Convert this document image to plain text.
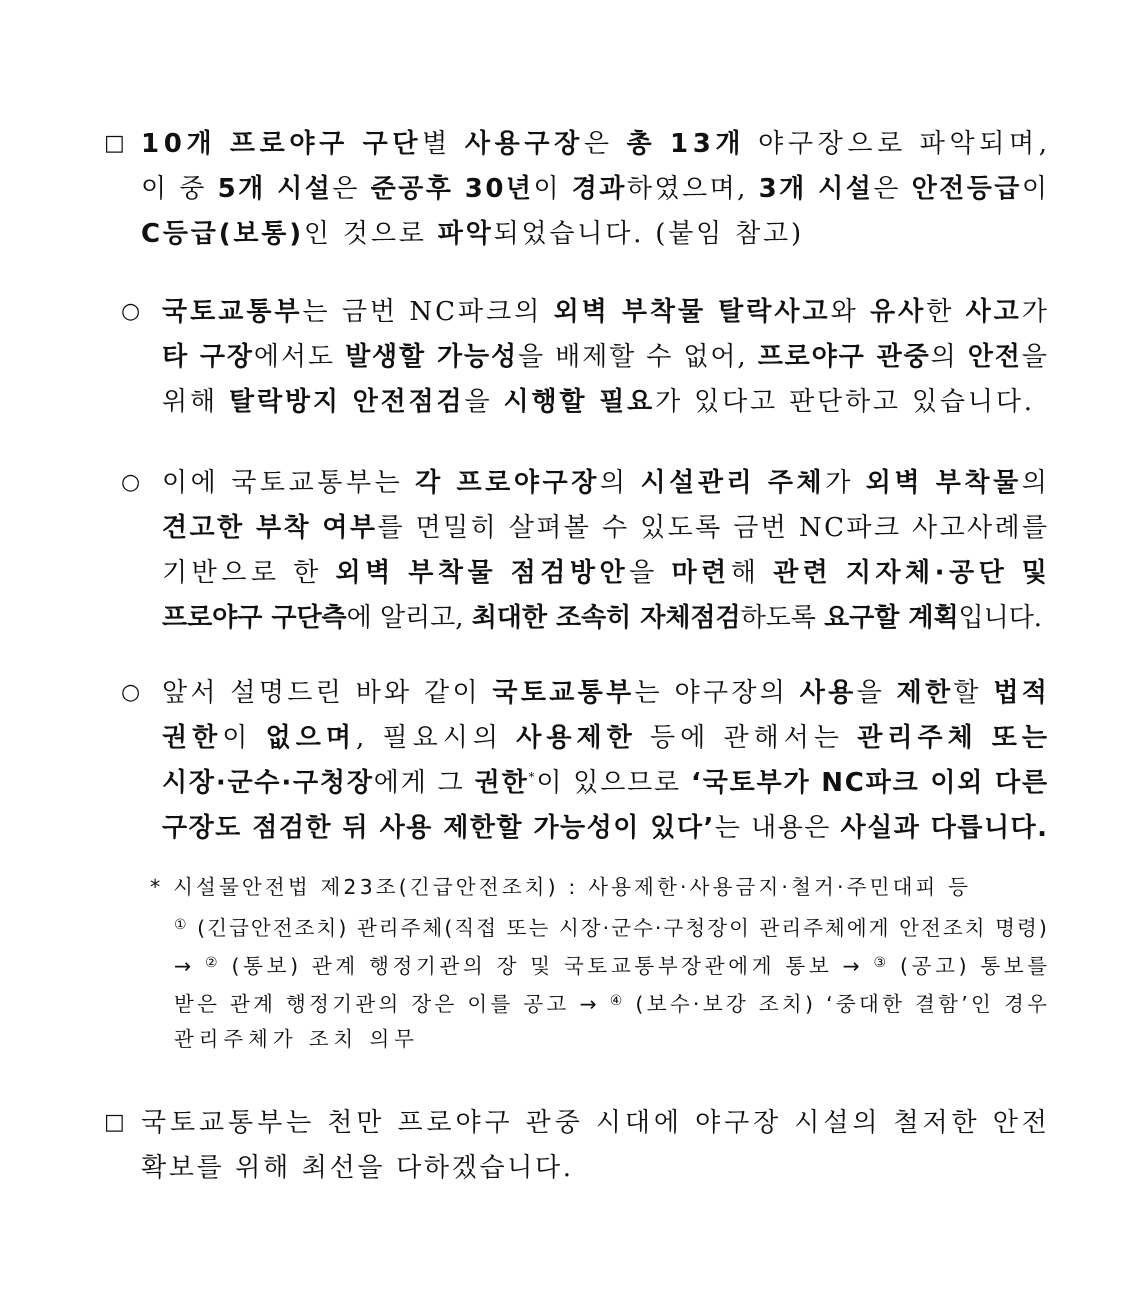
□ 10개 프로야구 구단별 사용구장은 총 13개 야구장으로 파악되며,
이 중 5개 시설은 준공후 30년이 경과하였으며, 3개 시설은 안전등급이
C등급(보통)인 것으로 파악되었습니다. (붙임 참고)
○ 국토교통부는 금번 NC파크의 외벽 부착물 탈락사고와 유사한 사고가
타 구장에서도 발생할 가능성을 배제할 수 없어, 프로야구 관중의 안전을
위해 탈락방지 안전점검을 시행할 필요가 있다고 판단하고 있습니다.
○ 이에 국토교통부는 각 프로야구장의 시설관리 주체가 외벽 부착물의
견고한 부착 여부를 면밀히 살펴볼 수 있도록 금번 NC파크 사고사례를
기반으로 한 외벽 부착물 점검방안을 마련해 관련 지자체·공단 및
프로야구 구단측에 알리고, 최대한 조속히 자체점검하도록 요구할 계획입니다.
○ 앞서 설명드린 바와 같이 국토교통부는 야구장의 사용을 제한할 법적
권한이 없으며, 필요시의 사용제한 등에 관해서는 관리주체 또는
시장·군수·구청장에게 그 권한*이 있으므로 ‘국토부가 NC파크 이외 다른
구장도 점검한 뒤 사용 제한할 가능성이 있다’는 내용은 사실과 다릅니다.
* 시설물안전법 제23조(긴급안전조치) : 사용제한·사용금지·철거·주민대피 등
① (긴급안전조치) 관리주체(직접 또는 시장·군수·구청장이 관리주체에게 안전조치 명령)
→ ② (통보) 관계 행정기관의 장 및 국토교통부장관에게 통보 → ③ (공고) 통보를
받은 관계 행정기관의 장은 이를 공고 → ④ (보수·보강 조치) ‘중대한 결함’인 경우
관리주체가 조치 의무
□ 국토교통부는 천만 프로야구 관중 시대에 야구장 시설의 철저한 안전
확보를 위해 최선을 다하겠습니다.
